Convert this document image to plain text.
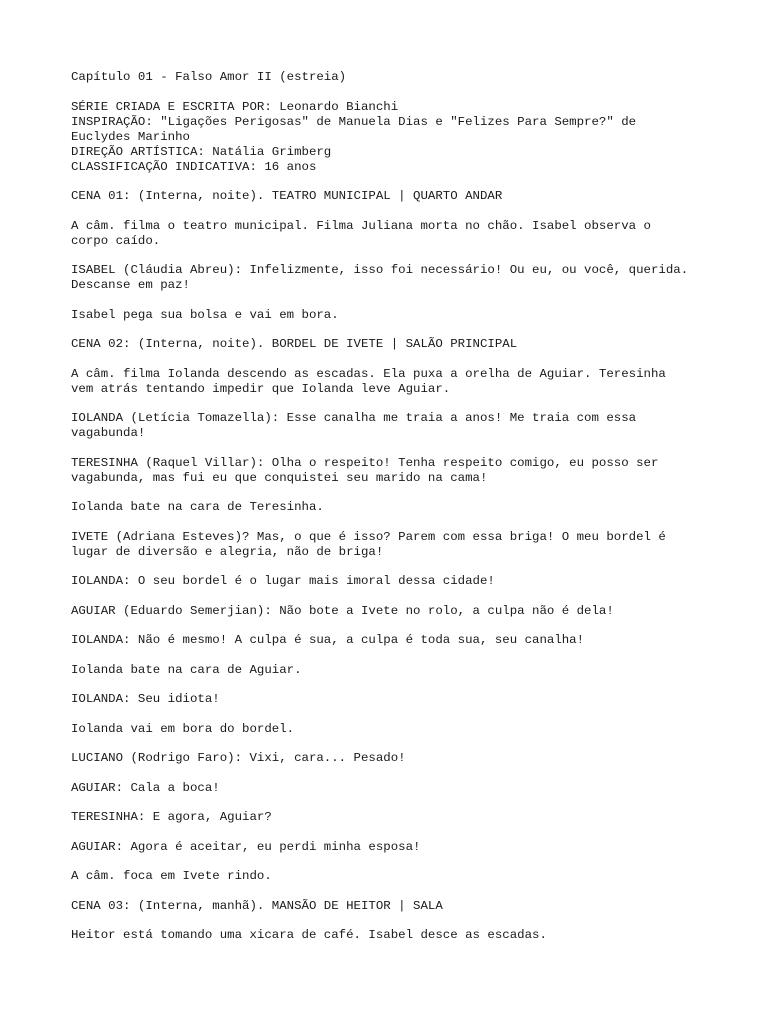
Capítulo 01 - Falso Amor II (estreia)
SÉRIE CRIADA E ESCRITA POR: Leonardo Bianchi
INSPIRAÇÃO: "Ligações Perigosas" de Manuela Dias e "Felizes Para Sempre?" de
Euclydes Marinho
DIREÇÃO ARTÍSTICA: Natália Grimberg
CLASSIFICAÇÃO INDICATIVA: 16 anos
CENA 01: (Interna, noite). TEATRO MUNICIPAL | QUARTO ANDAR
A câm. filma o teatro municipal. Filma Juliana morta no chão. Isabel observa o
corpo caído.
ISABEL (Cláudia Abreu): Infelizmente, isso foi necessário! Ou eu, ou você, querida.
Descanse em paz!
Isabel pega sua bolsa e vai em bora.
CENA 02: (Interna, noite). BORDEL DE IVETE | SALÃO PRINCIPAL
A câm. filma Iolanda descendo as escadas. Ela puxa a orelha de Aguiar. Teresinha
vem atrás tentando impedir que Iolanda leve Aguiar.
IOLANDA (Letícia Tomazella): Esse canalha me traia a anos! Me traia com essa
vagabunda!
TERESINHA (Raquel Villar): Olha o respeito! Tenha respeito comigo, eu posso ser
vagabunda, mas fui eu que conquistei seu marido na cama!
Iolanda bate na cara de Teresinha.
IVETE (Adriana Esteves)? Mas, o que é isso? Parem com essa briga! O meu bordel é
lugar de diversão e alegria, não de briga!
IOLANDA: O seu bordel é o lugar mais imoral dessa cidade!
AGUIAR (Eduardo Semerjian): Não bote a Ivete no rolo, a culpa não é dela!
IOLANDA: Não é mesmo! A culpa é sua, a culpa é toda sua, seu canalha!
Iolanda bate na cara de Aguiar.
IOLANDA: Seu idiota!
Iolanda vai em bora do bordel.
LUCIANO (Rodrigo Faro): Vixi, cara... Pesado!
AGUIAR: Cala a boca!
TERESINHA: E agora, Aguiar?
AGUIAR: Agora é aceitar, eu perdi minha esposa!
A câm. foca em Ivete rindo.
CENA 03: (Interna, manhã). MANSÃO DE HEITOR | SALA
Heitor está tomando uma xicara de café. Isabel desce as escadas.
